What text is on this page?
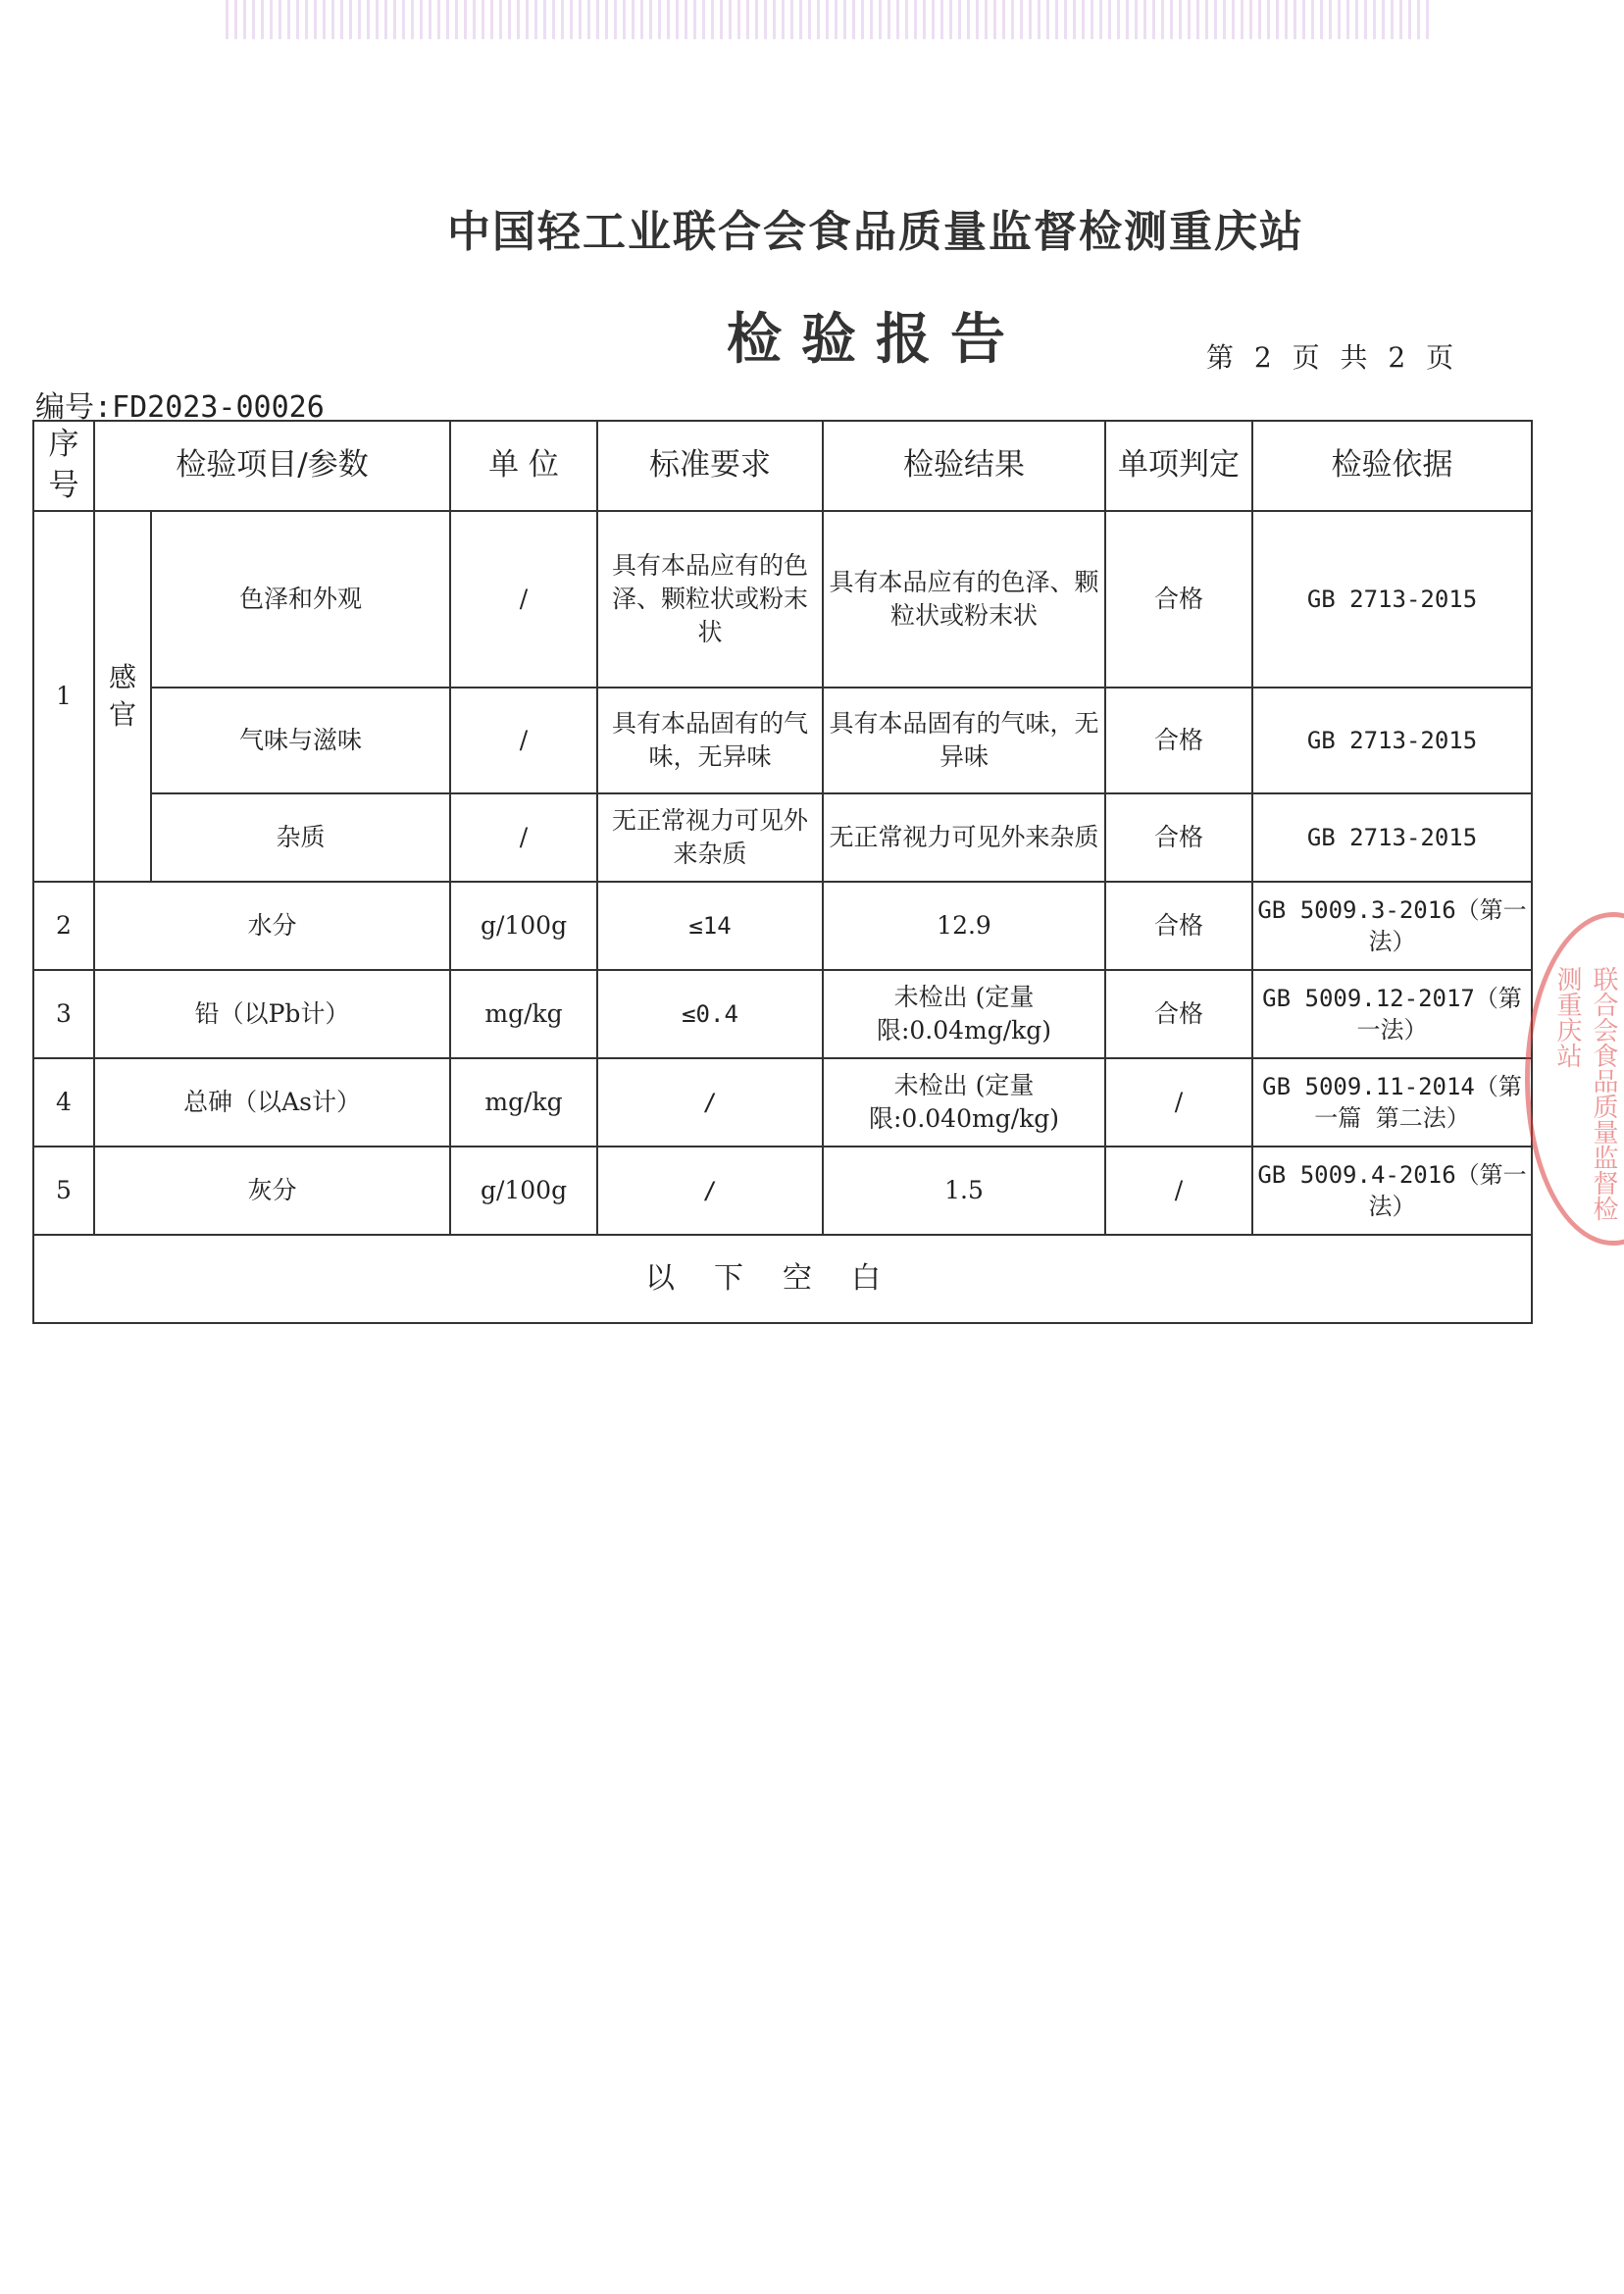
中国轻工业联合会食品质量监督检测重庆站
检验报告	第 2 页 共 2 页
编号:FD2023-00026
序号	检验项目/参数		单 位	标准要求	检验结果	单项判定	检验依据
1	感官	色泽和外观	/	具有本品应有的色泽、颗粒状或粉末状	具有本品应有的色泽、颗粒状或粉末状	合格	GB 2713-2015
		气味与滋味	/	具有本品固有的气味，无异味	具有本品固有的气味，无异味	合格	GB 2713-2015
		杂质	/	无正常视力可见外来杂质	无正常视力可见外来杂质	合格	GB 2713-2015
2	水分		g/100g	≤14	12.9	合格	GB 5009.3-2016（第一法）
3	铅（以Pb计）		mg/kg	≤0.4	未检出 (定量限:0.04mg/kg)	合格	GB 5009.12-2017（第一法）
4	总砷（以As计）		mg/kg	/	未检出 (定量限:0.040mg/kg)	/	GB 5009.11-2014（第一篇 第二法）
5	灰分		g/100g	/	1.5	/	GB 5009.4-2016（第一法）
以下空白							
联合会食品质量监督检测重庆站
